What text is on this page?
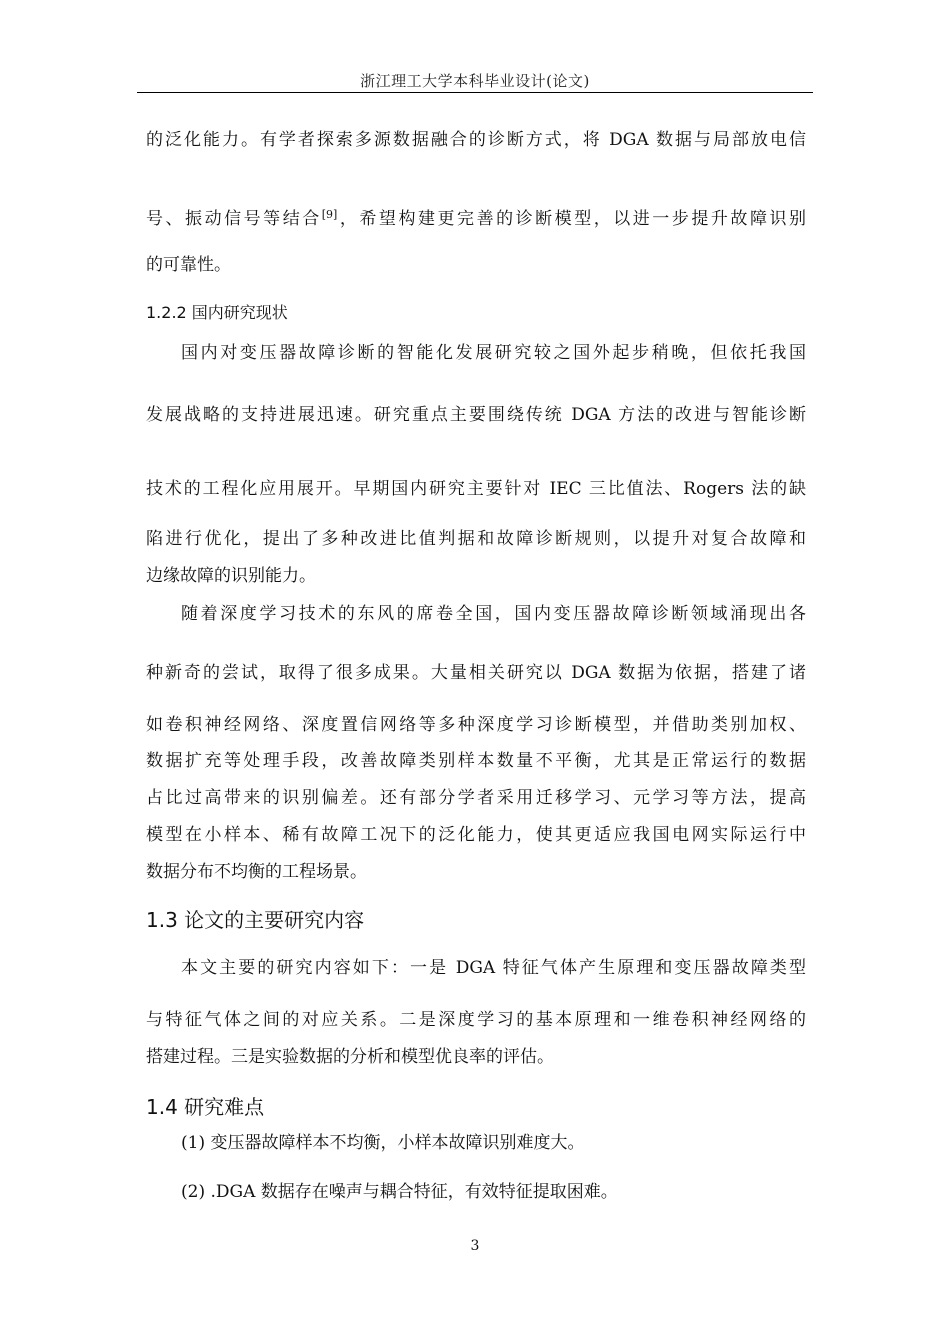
浙江理工大学本科毕业设计(论文)
的泛化能力。有学者探索多源数据融合的诊断方式，将 DGA 数据与局部放电信
号、振动信号等结合[9]，希望构建更完善的诊断模型，以进一步提升故障识别
的可靠性。
1.2.2 国内研究现状
国内对变压器故障诊断的智能化发展研究较之国外起步稍晚，但依托我国
发展战略的支持进展迅速。研究重点主要围绕传统 DGA 方法的改进与智能诊断
技术的工程化应用展开。早期国内研究主要针对 IEC 三比值法、Rogers 法的缺
陷进行优化，提出了多种改进比值判据和故障诊断规则，以提升对复合故障和
边缘故障的识别能力。
随着深度学习技术的东风的席卷全国，国内变压器故障诊断领域涌现出各
种新奇的尝试，取得了很多成果。大量相关研究以 DGA 数据为依据，搭建了诸
如卷积神经网络、深度置信网络等多种深度学习诊断模型，并借助类别加权、
数据扩充等处理手段，改善故障类别样本数量不平衡，尤其是正常运行的数据
占比过高带来的识别偏差。还有部分学者采用迁移学习、元学习等方法，提高
模型在小样本、稀有故障工况下的泛化能力，使其更适应我国电网实际运行中
数据分布不均衡的工程场景。
1.3 论文的主要研究内容
本文主要的研究内容如下：一是 DGA 特征气体产生原理和变压器故障类型
与特征气体之间的对应关系。二是深度学习的基本原理和一维卷积神经网络的
搭建过程。三是实验数据的分析和模型优良率的评估。
1.4 研究难点
(1) 变压器故障样本不均衡，小样本故障识别难度大。
(2) .DGA 数据存在噪声与耦合特征，有效特征提取困难。
3
